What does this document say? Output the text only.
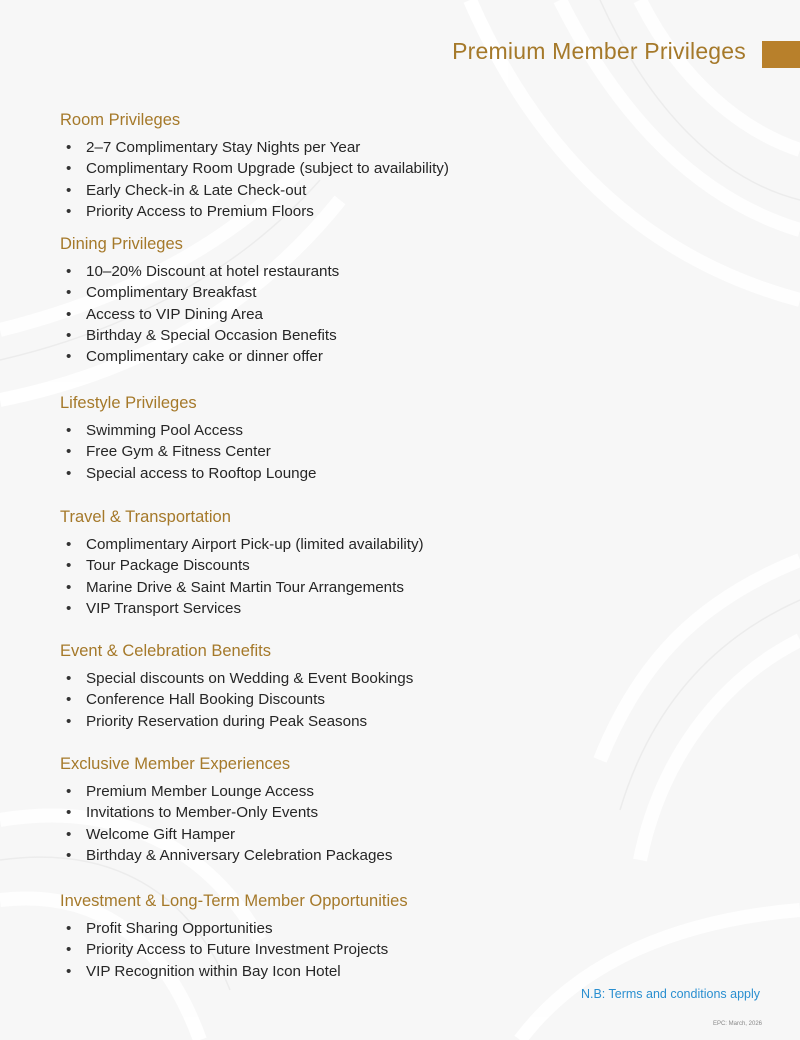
Premium Member Privileges
Room Privileges
• 2–7 Complimentary Stay Nights per Year
• Complimentary Room Upgrade (subject to availability)
• Early Check-in & Late Check-out
• Priority Access to Premium Floors
Dining Privileges
• 10–20% Discount at hotel restaurants
• Complimentary Breakfast
• Access to VIP Dining Area
• Birthday & Special Occasion Benefits
• Complimentary cake or dinner offer
Lifestyle Privileges
• Swimming Pool Access
• Free Gym & Fitness Center
• Special access to Rooftop Lounge
Travel & Transportation
• Complimentary Airport Pick-up (limited availability)
• Tour Package Discounts
• Marine Drive & Saint Martin Tour Arrangements
• VIP Transport Services
Event & Celebration Benefits
• Special discounts on Wedding & Event Bookings
• Conference Hall Booking Discounts
• Priority Reservation during Peak Seasons
Exclusive Member Experiences
• Premium Member Lounge Access
• Invitations to Member-Only Events
• Welcome Gift Hamper
• Birthday & Anniversary Celebration Packages
Investment & Long-Term Member Opportunities
• Profit Sharing Opportunities
• Priority Access to Future Investment Projects
• VIP Recognition within Bay Icon Hotel
N.B: Terms and conditions apply
EPC: March, 2026
